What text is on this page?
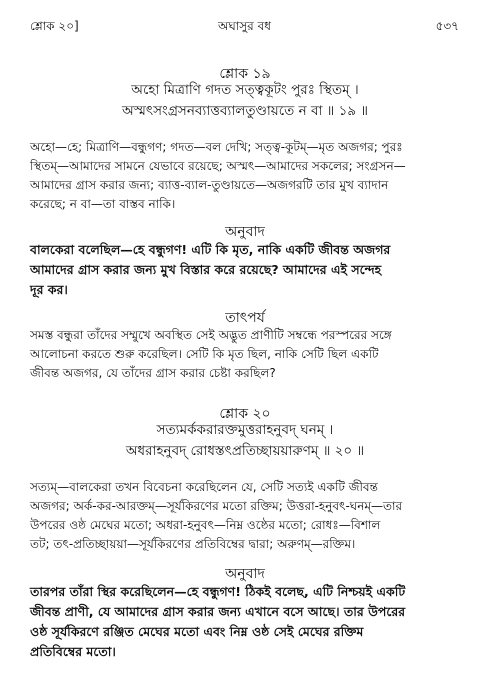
শ্লোক ২০]	অঘাসুর বধ	৫৩৭
শ্লোক ১৯
অহো মিত্রাণি গদত সত্ত্বকূটং পুরঃ স্থিতম্ ।
অস্মৎসংগ্রসনব্যাত্তব্যালতুণ্ডায়তে ন বা ॥ ১৯ ॥
অহো—হে; মিত্রাণি—বন্ধুগণ; গদত—বল দেখি; সত্ত্ব-কূটম্—মৃত অজগর; পুরঃ
স্থিতম্—আমাদের সামনে যেভাবে রয়েছে; অস্মৎ—আমাদের সকলের; সংগ্রসন—
আমাদের গ্রাস করার জন্য; ব্যাত্ত-ব্যাল-তুণ্ডায়তে—অজগরটি তার মুখ ব্যাদান
করেছে; ন বা—তা বাস্তব নাকি।
অনুবাদ
বালকেরা বলেছিল—হে বন্ধুগণ! এটি কি মৃত, নাকি একটি জীবন্ত অজগর
আমাদের গ্রাস করার জন্য মুখ বিস্তার করে রয়েছে? আমাদের এই সন্দেহ
দূর কর।
তাৎপর্য
সমস্ত বন্ধুরা তাঁদের সম্মুখে অবস্থিত সেই অদ্ভুত প্রাণীটি সম্বন্ধে পরস্পরের সঙ্গে
আলোচনা করতে শুরু করেছিল। সেটি কি মৃত ছিল, নাকি সেটি ছিল একটি
জীবন্ত অজগর, যে তাঁদের গ্রাস করার চেষ্টা করছিল?
শ্লোক ২০
সত্যমর্ককরারক্তমুত্তরাহনুবদ্ ঘনম্ ।
অধরাহনুবদ্ রোধস্তৎপ্রতিচ্ছায়য়ারুণম্ ॥ ২০ ॥
সত্যম্—বালকেরা তখন বিবেচনা করেছিলেন যে, সেটি সত্যই একটি জীবন্ত
অজগর; অর্ক-কর-আরক্তম্—সূর্যকিরণের মতো রক্তিম; উত্তরা-হনুবৎ-ঘনম্—তার
উপরের ওষ্ঠ মেঘের মতো; অধরা-হনুবৎ—নিম্ন ওষ্ঠের মতো; রোধঃ—বিশাল
তট; তৎ-প্রতিচ্ছায়য়া—সূর্যকিরণের প্রতিবিম্বের দ্বারা; অরুণম্—রক্তিম।
অনুবাদ
তারপর তাঁরা স্থির করেছিলেন—হে বন্ধুগণ! ঠিকই বলেছ, এটি নিশ্চয়ই একটি
জীবন্ত প্রাণী, যে আমাদের গ্রাস করার জন্য এখানে বসে আছে। তার উপরের
ওষ্ঠ সূর্যকিরণে রঞ্জিত মেঘের মতো এবং নিম্ন ওষ্ঠ সেই মেঘের রক্তিম
প্রতিবিম্বের মতো।
